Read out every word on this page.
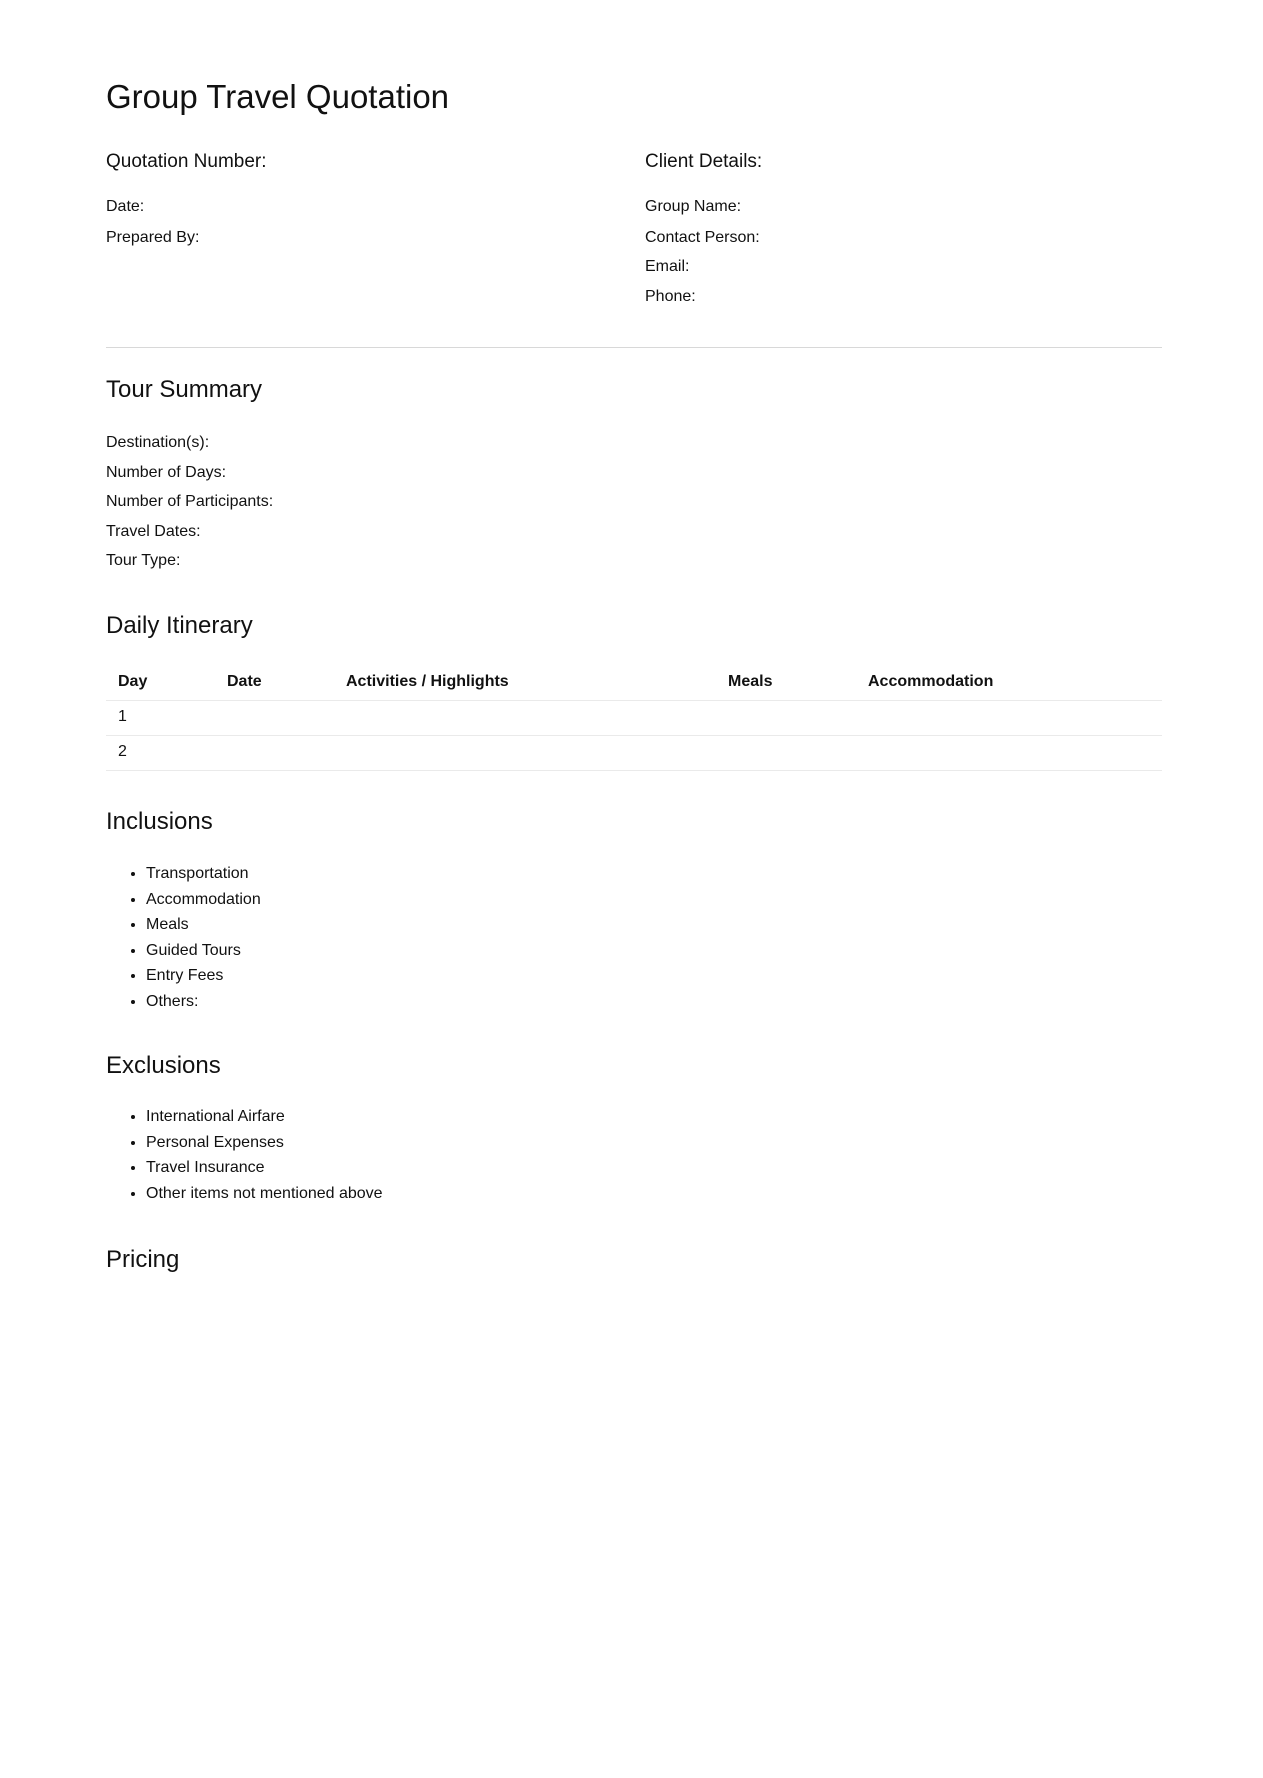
Group Travel Quotation
Quotation Number:
Date:
Prepared By:
Client Details:
Group Name:
Contact Person:
Email:
Phone:
Tour Summary
Destination(s):
Number of Days:
Number of Participants:
Travel Dates:
Tour Type:
Daily Itinerary
Day	Date	Activities / Highlights	Meals	Accommodation
1
2
Inclusions
• Transportation
• Accommodation
• Meals
• Guided Tours
• Entry Fees
• Others:
Exclusions
• International Airfare
• Personal Expenses
• Travel Insurance
• Other items not mentioned above
Pricing
